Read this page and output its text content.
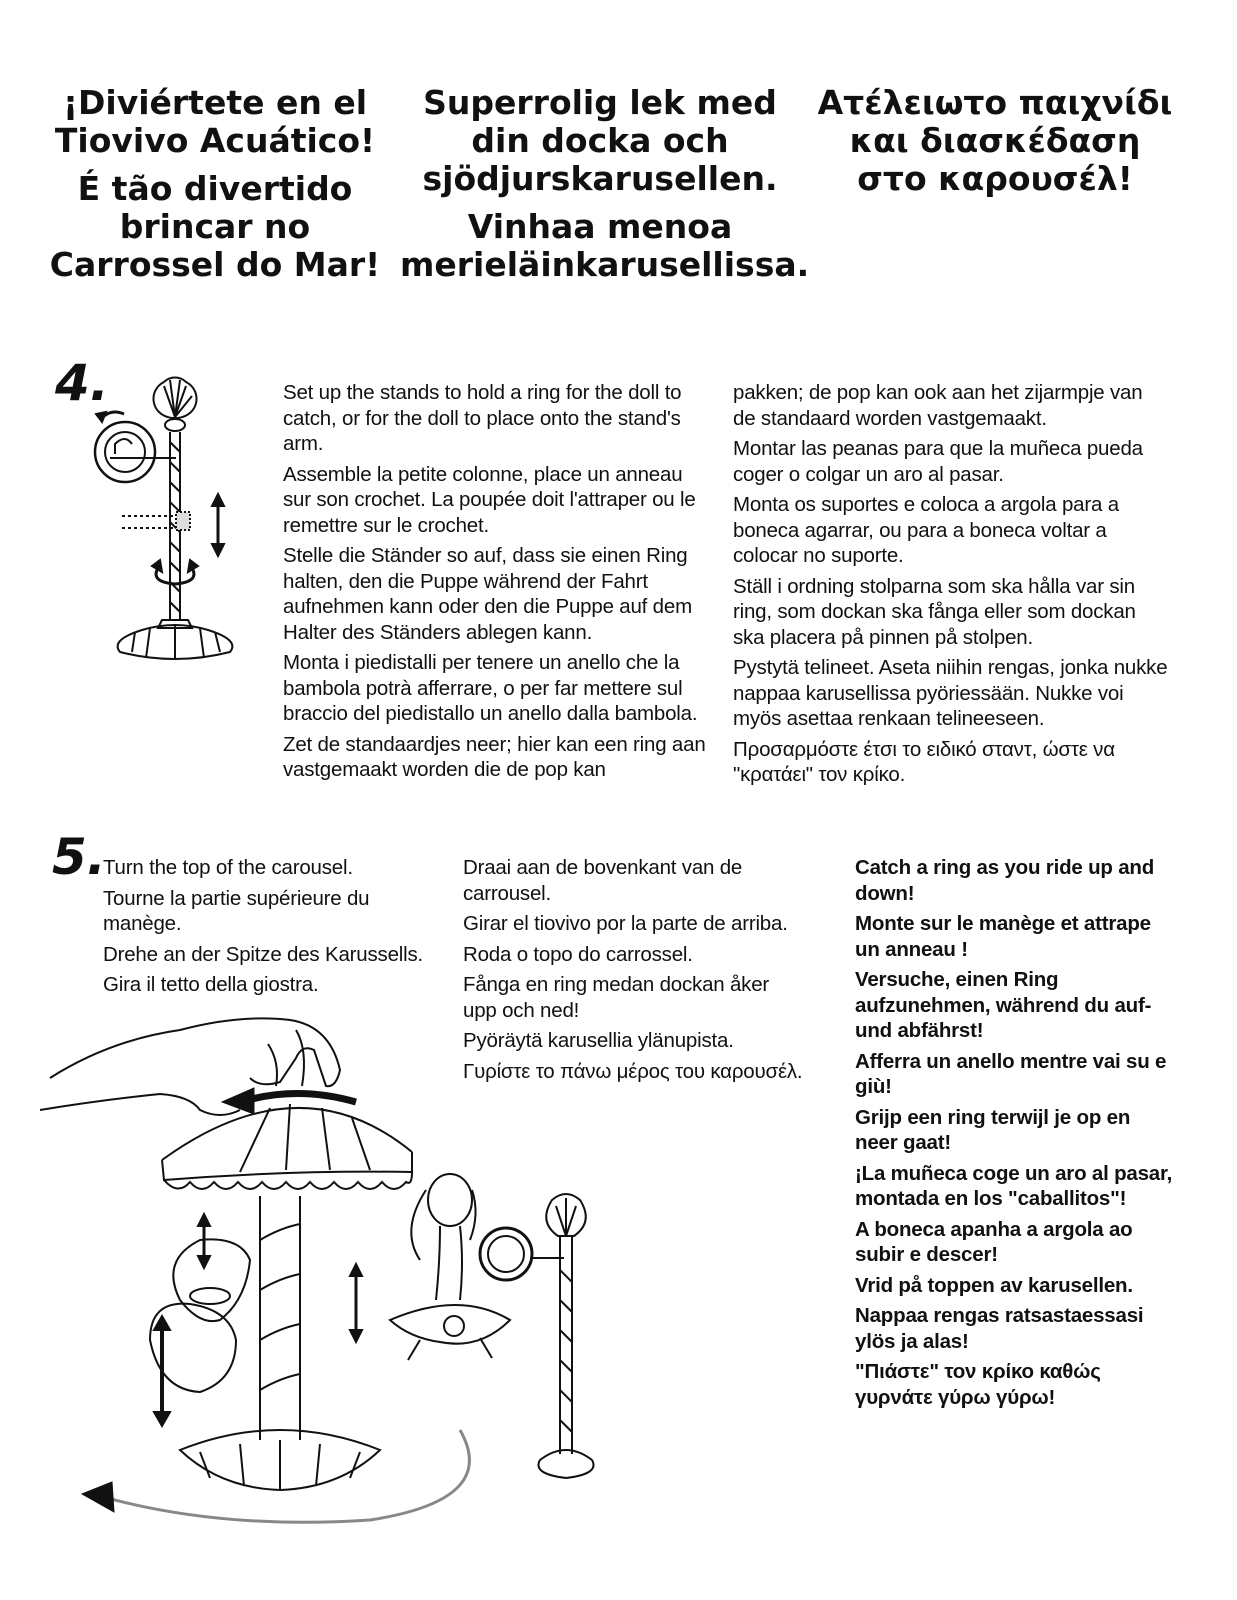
¡Diviértete en el Tiovivo Acuático!

É tão divertido brincar no Carrossel do Mar!

Superrolig lek med din docka och sjödjurskarusellen.

Vinhaa menoa merieläinkarusellissa.

Ατέλειωτο παιχνίδι και διασκέδαση στο καρουσέλ!

4.	Set up the stands to hold a ring for the doll to catch, or for the doll to place onto the stand's arm.

Assemble la petite colonne, place un anneau sur son crochet. La poupée doit l'attraper ou le remettre sur le crochet.

Stelle die Ständer so auf, dass sie einen Ring halten, den die Puppe während der Fahrt aufnehmen kann oder den die Puppe auf dem Halter des Ständers ablegen kann.

Monta i piedistalli per tenere un anello che la bambola potrà afferrare, o per far mettere sul braccio del piedistallo un anello dalla bambola.

Zet de standaardjes neer; hier kan een ring aan vastgemaakt worden die de pop kan

pakken; de pop kan ook aan het zijarmpje van de standaard worden vastgemaakt.

Montar las peanas para que la muñeca pueda coger o colgar un aro al pasar.

Monta os suportes e coloca a argola para a boneca agarrar, ou para a boneca voltar a colocar no suporte.

Ställ i ordning stolparna som ska hålla var sin ring, som dockan ska fånga eller som dockan ska placera på pinnen på stolpen.

Pystytä telineet. Aseta niihin rengas, jonka nukke nappaa karusellissa pyöriessään. Nukke voi myös asettaa renkaan telineeseen.

Προσαρμόστε έτσι το ειδικό σταντ, ώστε να "κρατάει" τον κρίκο.

5.

Turn the top of the carousel.

Tourne la partie supérieure du manège.

Drehe an der Spitze des Karussells.

Gira il tetto della giostra.

Draai aan de bovenkant van de carrousel.

Girar el tiovivo por la parte de arriba.

Roda o topo do carrossel.

Fånga en ring medan dockan åker upp och ned!

Pyöräytä karusellia ylänupista.

Γυρίστε το πάνω μέρος του καρουσέλ.

Catch a ring as you ride up and down!

Monte sur le manège et attrape un anneau !

Versuche, einen Ring aufzunehmen, während du auf- und abfährst!

Afferra un anello mentre vai su e giù!

Grijp een ring terwijl je op en neer gaat!

¡La muñeca coge un aro al pasar, montada en los "caballitos"!

A boneca apanha a argola ao subir e descer!

Vrid på toppen av karusellen.

Nappaa rengas ratsastaessasi ylös ja alas!

"Πιάστε" τον κρίκο καθώς γυρνάτε γύρω γύρω!
